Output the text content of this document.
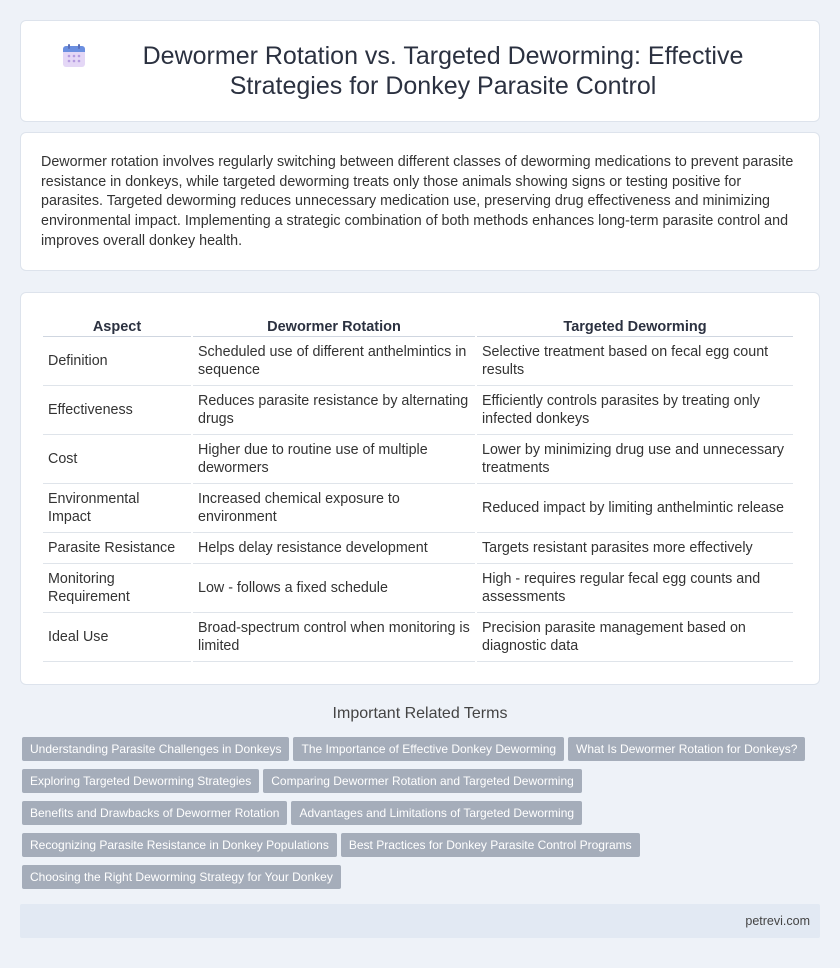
Dewormer Rotation vs. Targeted Deworming: Effective Strategies for Donkey Parasite Control

Dewormer rotation involves regularly switching between different classes of deworming medications to prevent parasite resistance in donkeys, while targeted deworming treats only those animals showing signs or testing positive for parasites. Targeted deworming reduces unnecessary medication use, preserving drug effectiveness and minimizing environmental impact. Implementing a strategic combination of both methods enhances long-term parasite control and improves overall donkey health.

Aspect	Dewormer Rotation	Targeted Deworming
Definition	Scheduled use of different anthelmintics in sequence	Selective treatment based on fecal egg count results
Effectiveness	Reduces parasite resistance by alternating drugs	Efficiently controls parasites by treating only infected donkeys
Cost	Higher due to routine use of multiple dewormers	Lower by minimizing drug use and unnecessary treatments
Environmental Impact	Increased chemical exposure to environment	Reduced impact by limiting anthelmintic release
Parasite Resistance	Helps delay resistance development	Targets resistant parasites more effectively
Monitoring Requirement	Low - follows a fixed schedule	High - requires regular fecal egg counts and assessments
Ideal Use	Broad-spectrum control when monitoring is limited	Precision parasite management based on diagnostic data
Important Related Terms
Understanding Parasite Challenges in Donkeys The Importance of Effective Donkey Deworming What Is Dewormer Rotation for Donkeys?
Exploring Targeted Deworming Strategies Comparing Dewormer Rotation and Targeted Deworming
Benefits and Drawbacks of Dewormer Rotation Advantages and Limitations of Targeted Deworming
Recognizing Parasite Resistance in Donkey Populations Best Practices for Donkey Parasite Control Programs
Choosing the Right Deworming Strategy for Your Donkey
petrevi.com
